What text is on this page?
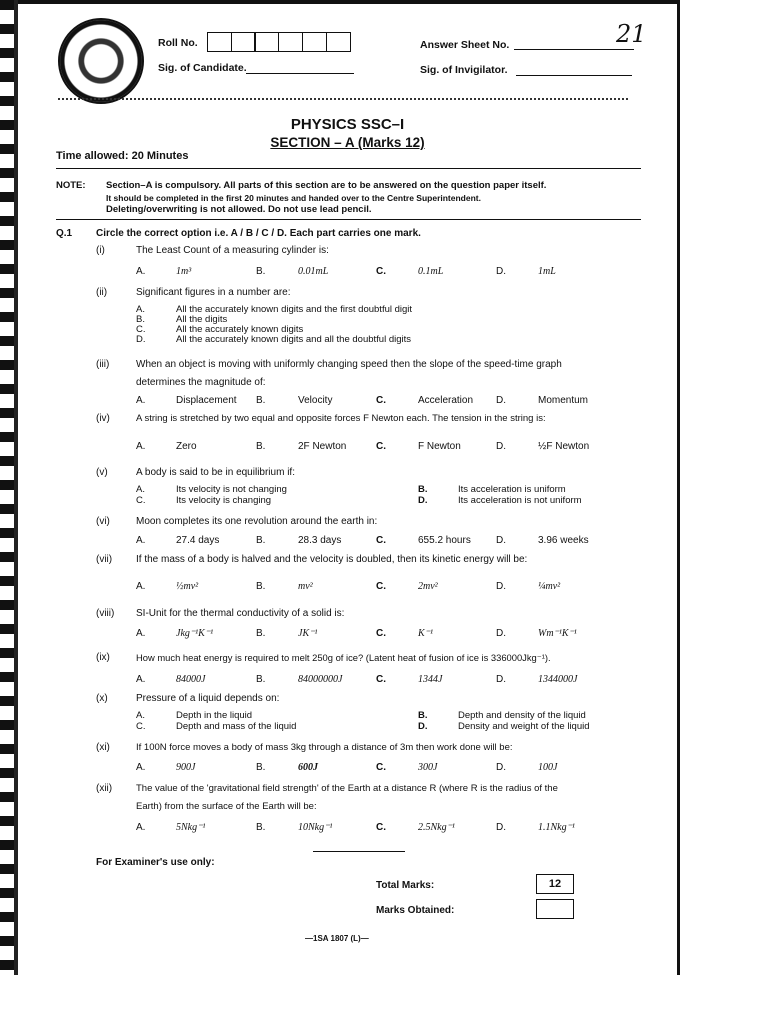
Roll No.	Answer Sheet No.	21
Sig. of Candidate.	Sig. of Invigilator.
PHYSICS SSC–I
SECTION – A (Marks 12)
Time allowed: 20 Minutes
NOTE: Section–A is compulsory. All parts of this section are to be answered on the question paper itself.
It should be completed in the first 20 minutes and handed over to the Centre Superintendent.
Deleting/overwriting is not allowed. Do not use lead pencil.
Q.1 Circle the correct option i.e. A / B / C / D. Each part carries one mark.
(i)	The Least Count of a measuring cylinder is:
A.	1m³	B.	0.01mL	C.	0.1mL	D.	1mL
(ii)	Significant figures in a number are:
A.	All the accurately known digits and the first doubtful digit
B.	All the digits
C.	All the accurately known digits
D.	All the accurately known digits and all the doubtful digits
(iii)	When an object is moving with uniformly changing speed then the slope of the speed-time graph
determines the magnitude of:
A.	Displacement B.	Velocity	C.	Acceleration D.	Momentum
(iv)	A string is stretched by two equal and opposite forces F Newton each. The tension in the string is:
A.	Zero	B.	2F Newton	C.	F Newton	D.	½F Newton
(v)	A body is said to be in equilibrium if:
A.	Its velocity is not changing	B.	Its acceleration is uniform
C.	Its velocity is changing	D.	Its acceleration is not uniform
(vi)	Moon completes its one revolution around the earth in:
A.	27.4 days	B.	28.3 days	C.	655.2 hours	D.	3.96 weeks
(vii) If the mass of a body is halved and the velocity is doubled, then its kinetic energy will be:
A.	½mv²	B.	mv²	C.	2mv²	D.	¼mv²
(viii) SI-Unit for the thermal conductivity of a solid is:
A.	Jkg⁻¹K⁻¹	B.	JK⁻¹	C.	K⁻¹	D.	Wm⁻¹K⁻¹
(ix)	How much heat energy is required to melt 250g of ice? (Latent heat of fusion of ice is 336000Jkg⁻¹).
A.	84000J	B.	84000000J	C.	1344J	D.	1344000J
(x)	Pressure of a liquid depends on:
A.	Depth in the liquid	B.	Depth and density of the liquid
C.	Depth and mass of the liquid	D.	Density and weight of the liquid
(xi)	If 100N force moves a body of mass 3kg through a distance of 3m then work done will be:
A.	900J	B.	600J	C.	300J	D.	100J
(xii)	The value of the 'gravitational field strength' of the Earth at a distance R (where R is the radius of the
Earth) from the surface of the Earth will be:
A.	5Nkg⁻¹	B.	10Nkg⁻¹	C.	2.5Nkg⁻¹	D.	1.1Nkg⁻¹
For Examiner's use only:
Total Marks:	12
Marks Obtained:
—1SA 1807 (L)—
